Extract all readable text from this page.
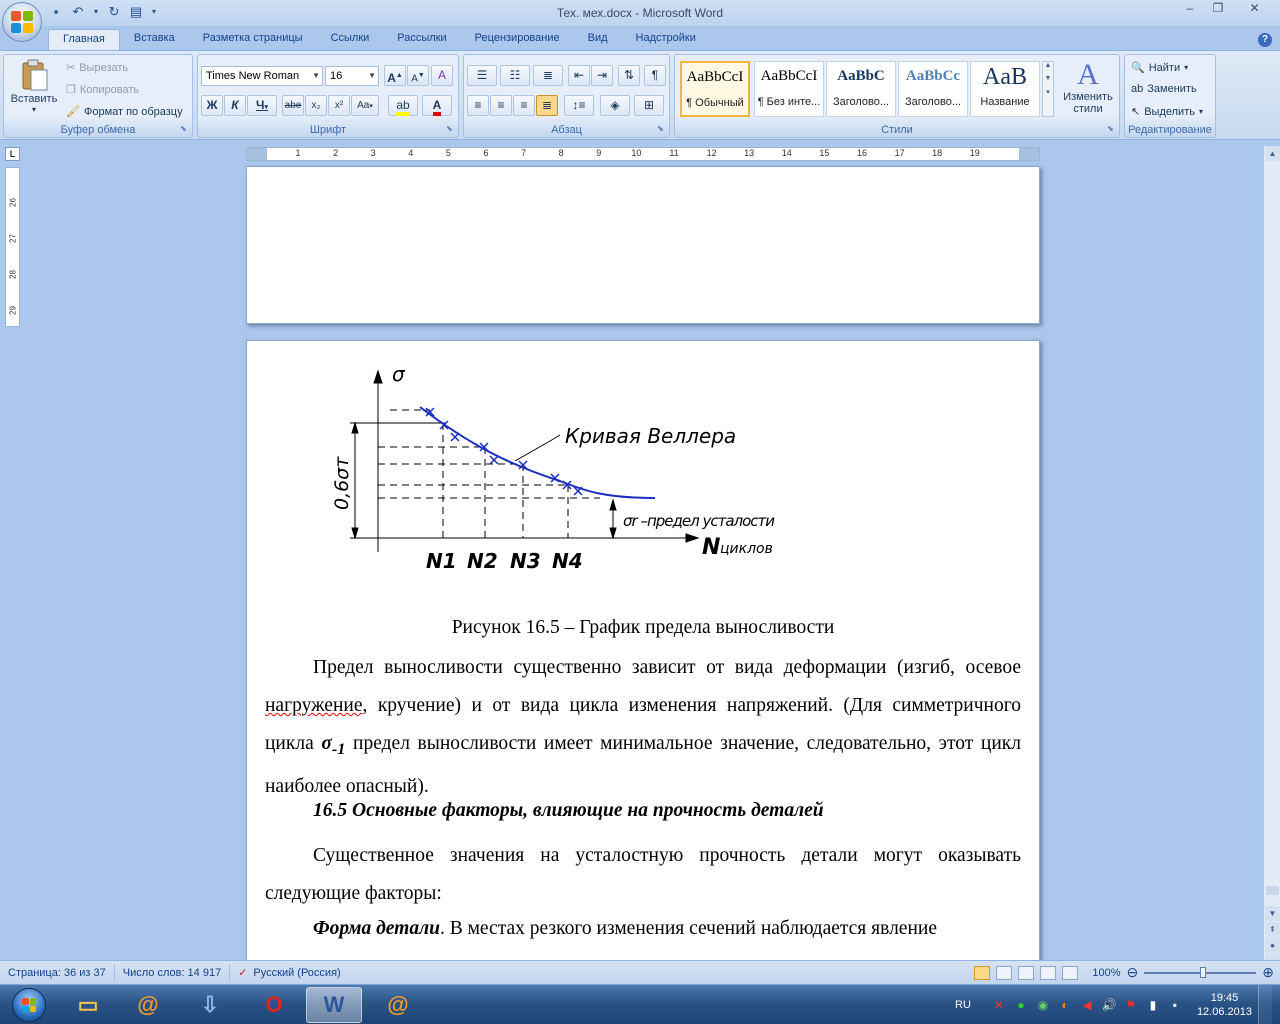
▪	↶	▾ ↻ ▤ ▾	Тех. мех.docx - Microsoft Word	–	❐	✕
Главная	Вставка	Разметка страницы	Ссылки	Рассылки	Рецензирование	Вид	Надстройки	?
Вставить
▾
✂ Вырезать
❐ Копировать
🖌 Формат по образцу
Буфер обмена	⬊
Times New Roman ▼ 16	▼ A▲ A▼	A
Ж	К	Ч▾	abe	x₂	x²	Aa▾	ab	A
Шрифт	⬊
☰	☷	≣	⇤	⇥	⇅	¶
≡	≡	≡	≣	↕≡	◈	⊞
Абзац	⬊
AaBbCcI
¶ Обычный
AaBbCcI
¶ Без инте...
AaBbC
Заголово...
AaBbCc
Заголово...
AaB
Название
▲
▼
▾
A
Изменить
стили
Стили	⬊
🔍 Найти ▾
ab Заменить
↖ Выделить ▾
Редактирование
L	1	2	3	4	5	6	7	8	9	10	11	12	13	14	15	16	17	18	19
26
27
28
29
▲
▼
⇞
●
σ
Кривая Веллера
0,6σт
σr –предел усталости
N циклов
N1 N2 N3 N4
Рисунок 16.5 – График предела выносливости
Предел выносливости существенно зависит от вида деформации (изгиб, осевое нагружение, кручение) и от вида цикла изменения напряжений. (Для симметричного цикла $\sigma_{-1}$ предел выносливости имеет минимальное значение, следовательно, этот цикл наиболее опасный).
16.5 Основные факторы, влияющие на прочность деталей
Существенное значения на усталостную прочность детали могут оказывать следующие факторы:
Форма детали. В местах резкого изменения сечений наблюдается явление
Страница: 36 из 37	Число слов: 14 917	✓ Русский (Россия)	100% ⊖	⊕
▭	@	⇩	O	W	@	RU ✕	●	◉	◐	◀ 🔊 ⚑	▮	▪	19:45
12.06.2013
